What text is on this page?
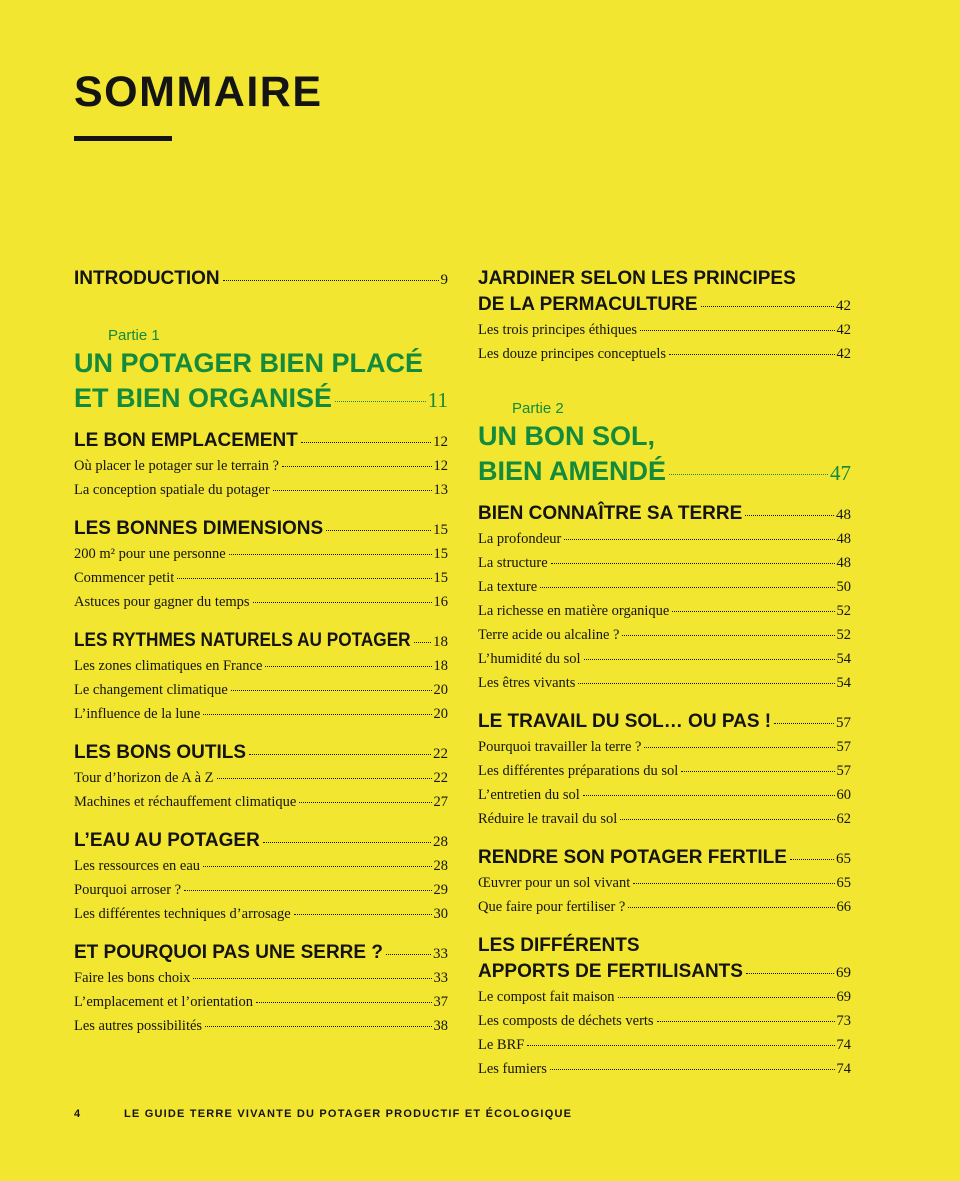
SOMMAIRE
INTRODUCTION	9
Partie 1
UN POTAGER BIEN PLACÉ
ET BIEN ORGANISÉ	11
LE BON EMPLACEMENT	12
Où placer le potager sur le terrain ?	12
La conception spatiale du potager	13
LES BONNES DIMENSIONS	15
200 m² pour une personne	15
Commencer petit	15
Astuces pour gagner du temps	16
LES RYTHMES NATURELS AU POTAGER 18
Les zones climatiques en France	18
Le changement climatique	20
L’influence de la lune	20
LES BONS OUTILS	22
Tour d’horizon de A à Z	22
Machines et réchauffement climatique	27
L’EAU AU POTAGER	28
Les ressources en eau	28
Pourquoi arroser ?	29
Les différentes techniques d’arrosage	30
ET POURQUOI PAS UNE SERRE ?	33
Faire les bons choix	33
L’emplacement et l’orientation	37
Les autres possibilités	38
JARDINER SELON LES PRINCIPES
DE LA PERMACULTURE	42
Les trois principes éthiques	42
Les douze principes conceptuels	42
Partie 2
UN BON SOL,
BIEN AMENDÉ	47
BIEN CONNAÎTRE SA TERRE	48
La profondeur	48
La structure	48
La texture	50
La richesse en matière organique	52
Terre acide ou alcaline ?	52
L’humidité du sol	54
Les êtres vivants	54
LE TRAVAIL DU SOL… OU PAS !	57
Pourquoi travailler la terre ?	57
Les différentes préparations du sol	57
L’entretien du sol	60
Réduire le travail du sol	62
RENDRE SON POTAGER FERTILE	65
Œuvrer pour un sol vivant	65
Que faire pour fertiliser ?	66
LES DIFFÉRENTS
APPORTS DE FERTILISANTS	69
Le compost fait maison	69
Les composts de déchets verts	73
Le BRF	74
Les fumiers	74
4	LE GUIDE TERRE VIVANTE DU POTAGER PRODUCTIF ET ÉCOLOGIQUE
